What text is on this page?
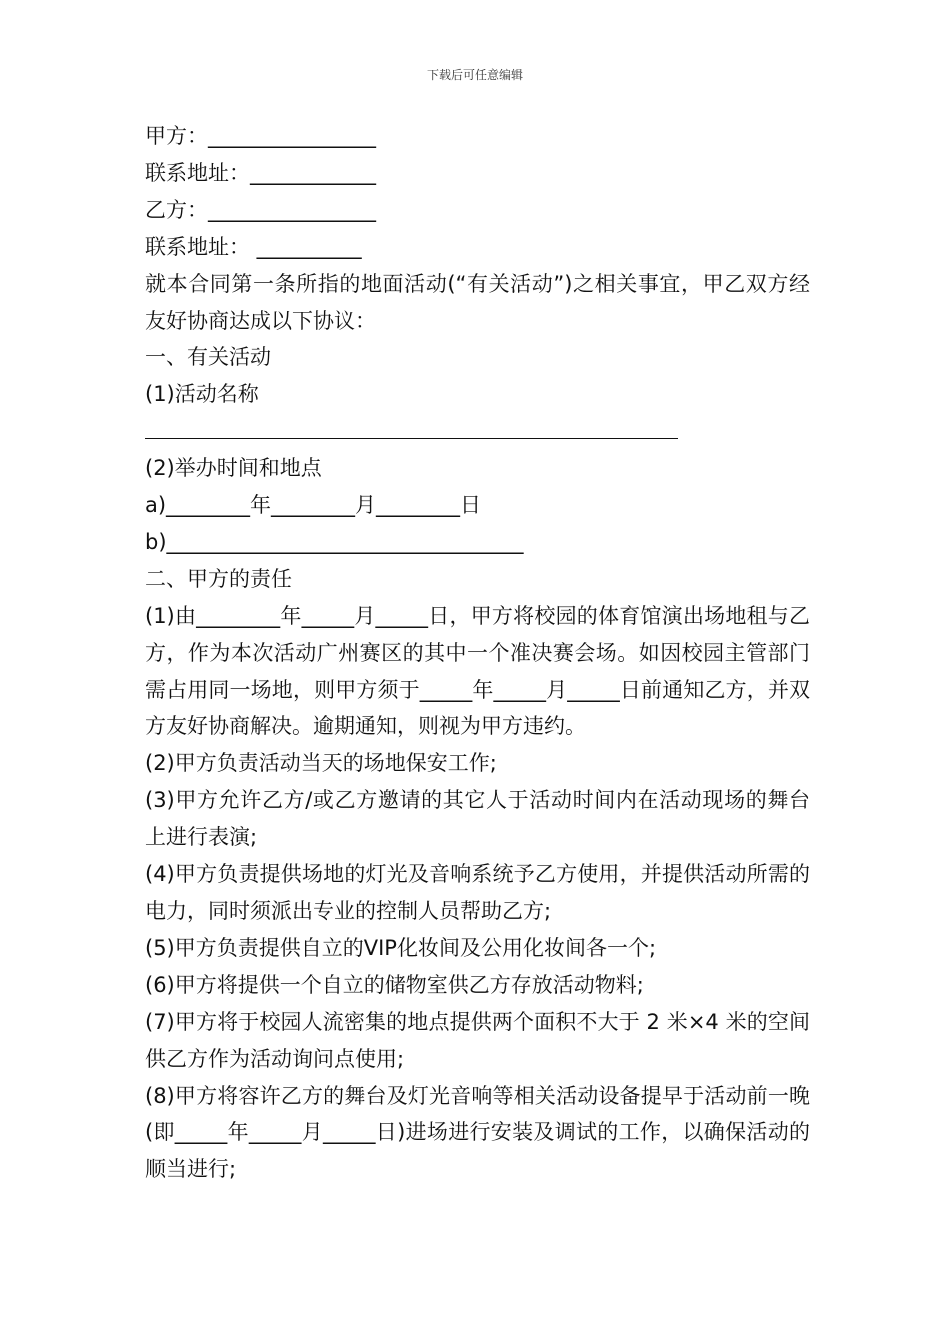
下载后可任意编辑
甲方：________________
联系地址：____________
乙方：________________
联系地址： __________
就本合同第一条所指的地面活动(“有关活动”)之相关事宜，甲乙双方经友好协商达成以下协议：
一、有关活动
(1)活动名称
(2)举办时间和地点
a)________年________月________日
b)__________________________________
二、甲方的责任
(1)由________年_____月_____日，甲方将校园的体育馆演出场地租与乙方，作为本次活动广州赛区的其中一个准决赛会场。如因校园主管部门需占用同一场地，则甲方须于_____年_____月_____日前通知乙方，并双方友好协商解决。逾期通知，则视为甲方违约。
(2)甲方负责活动当天的场地保安工作;
(3)甲方允许乙方/或乙方邀请的其它人于活动时间内在活动现场的舞台上进行表演;
(4)甲方负责提供场地的灯光及音响系统予乙方使用，并提供活动所需的电力，同时须派出专业的控制人员帮助乙方;
(5)甲方负责提供自立的VIP化妆间及公用化妆间各一个;
(6)甲方将提供一个自立的储物室供乙方存放活动物料;
(7)甲方将于校园人流密集的地点提供两个面积不大于 2 米×4 米的空间供乙方作为活动询问点使用;
(8)甲方将容许乙方的舞台及灯光音响等相关活动设备提早于活动前一晚(即_____年_____月_____日)进场进行安装及调试的工作，以确保活动的顺当进行;
